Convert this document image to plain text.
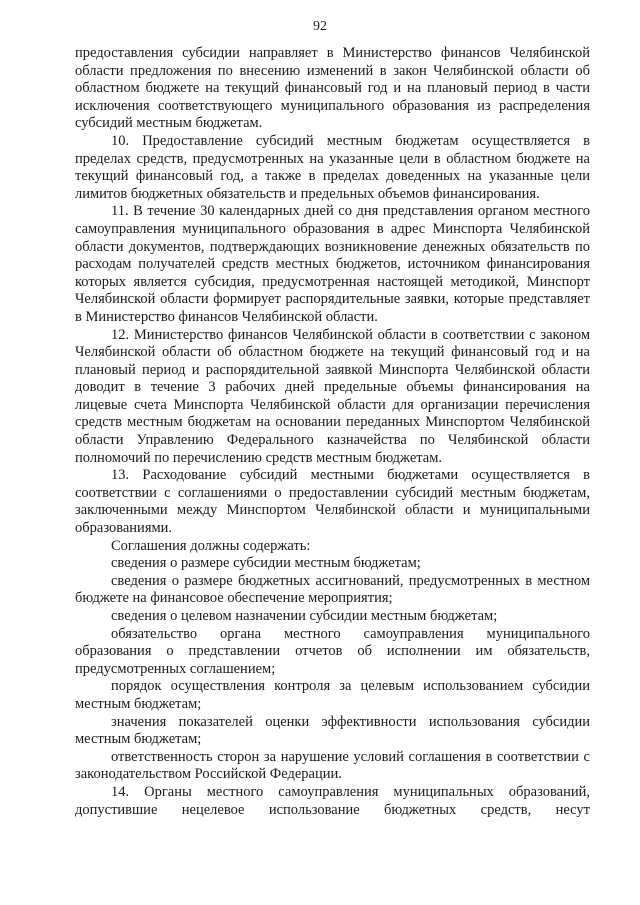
92

предоставления субсидии направляет в Министерство финансов Челябинской области предложения по внесению изменений в закон Челябинской области об областном бюджете на текущий финансовый год и на плановый период в части исключения соответствующего муниципального образования из распределения субсидий местным бюджетам.

10. Предоставление субсидий местным бюджетам осуществляется в пределах средств, предусмотренных на указанные цели в областном бюджете на текущий финансовый год, а также в пределах доведенных на указанные цели лимитов бюджетных обязательств и предельных объемов финансирования.

11. В течение 30 календарных дней со дня представления органом местного самоуправления муниципального образования в адрес Минспорта Челябинской области документов, подтверждающих возникновение денежных обязательств по расходам получателей средств местных бюджетов, источником финансирования которых является субсидия, предусмотренная настоящей методикой, Минспорт Челябинской области формирует распорядительные заявки, которые представляет в Министерство финансов Челябинской области.

12. Министерство финансов Челябинской области в соответствии с законом Челябинской области об областном бюджете на текущий финансовый год и на плановый период и распорядительной заявкой Минспорта Челябинской области доводит в течение 3 рабочих дней предельные объемы финансирования на лицевые счета Минспорта Челябинской области для организации перечисления средств местным бюджетам на основании переданных Минспортом Челябинской области Управлению Федерального казначейства по Челябинской области полномочий по перечислению средств местным бюджетам.

13. Расходование субсидий местными бюджетами осуществляется в соответствии с соглашениями о предоставлении субсидий местным бюджетам, заключенными между Минспортом Челябинской области и муниципальными образованиями.

Соглашения должны содержать:

сведения о размере субсидии местным бюджетам;

сведения о размере бюджетных ассигнований, предусмотренных в местном бюджете на финансовое обеспечение мероприятия;

сведения о целевом назначении субсидии местным бюджетам;

обязательство органа местного самоуправления муниципального образования о представлении отчетов об исполнении им обязательств, предусмотренных соглашением;

порядок осуществления контроля за целевым использованием субсидии местным бюджетам;

значения показателей оценки эффективности использования субсидии местным бюджетам;

ответственность сторон за нарушение условий соглашения в соответствии с законодательством Российской Федерации.

14. Органы местного самоуправления муниципальных образований, допустившие нецелевое использование бюджетных средств, несут
